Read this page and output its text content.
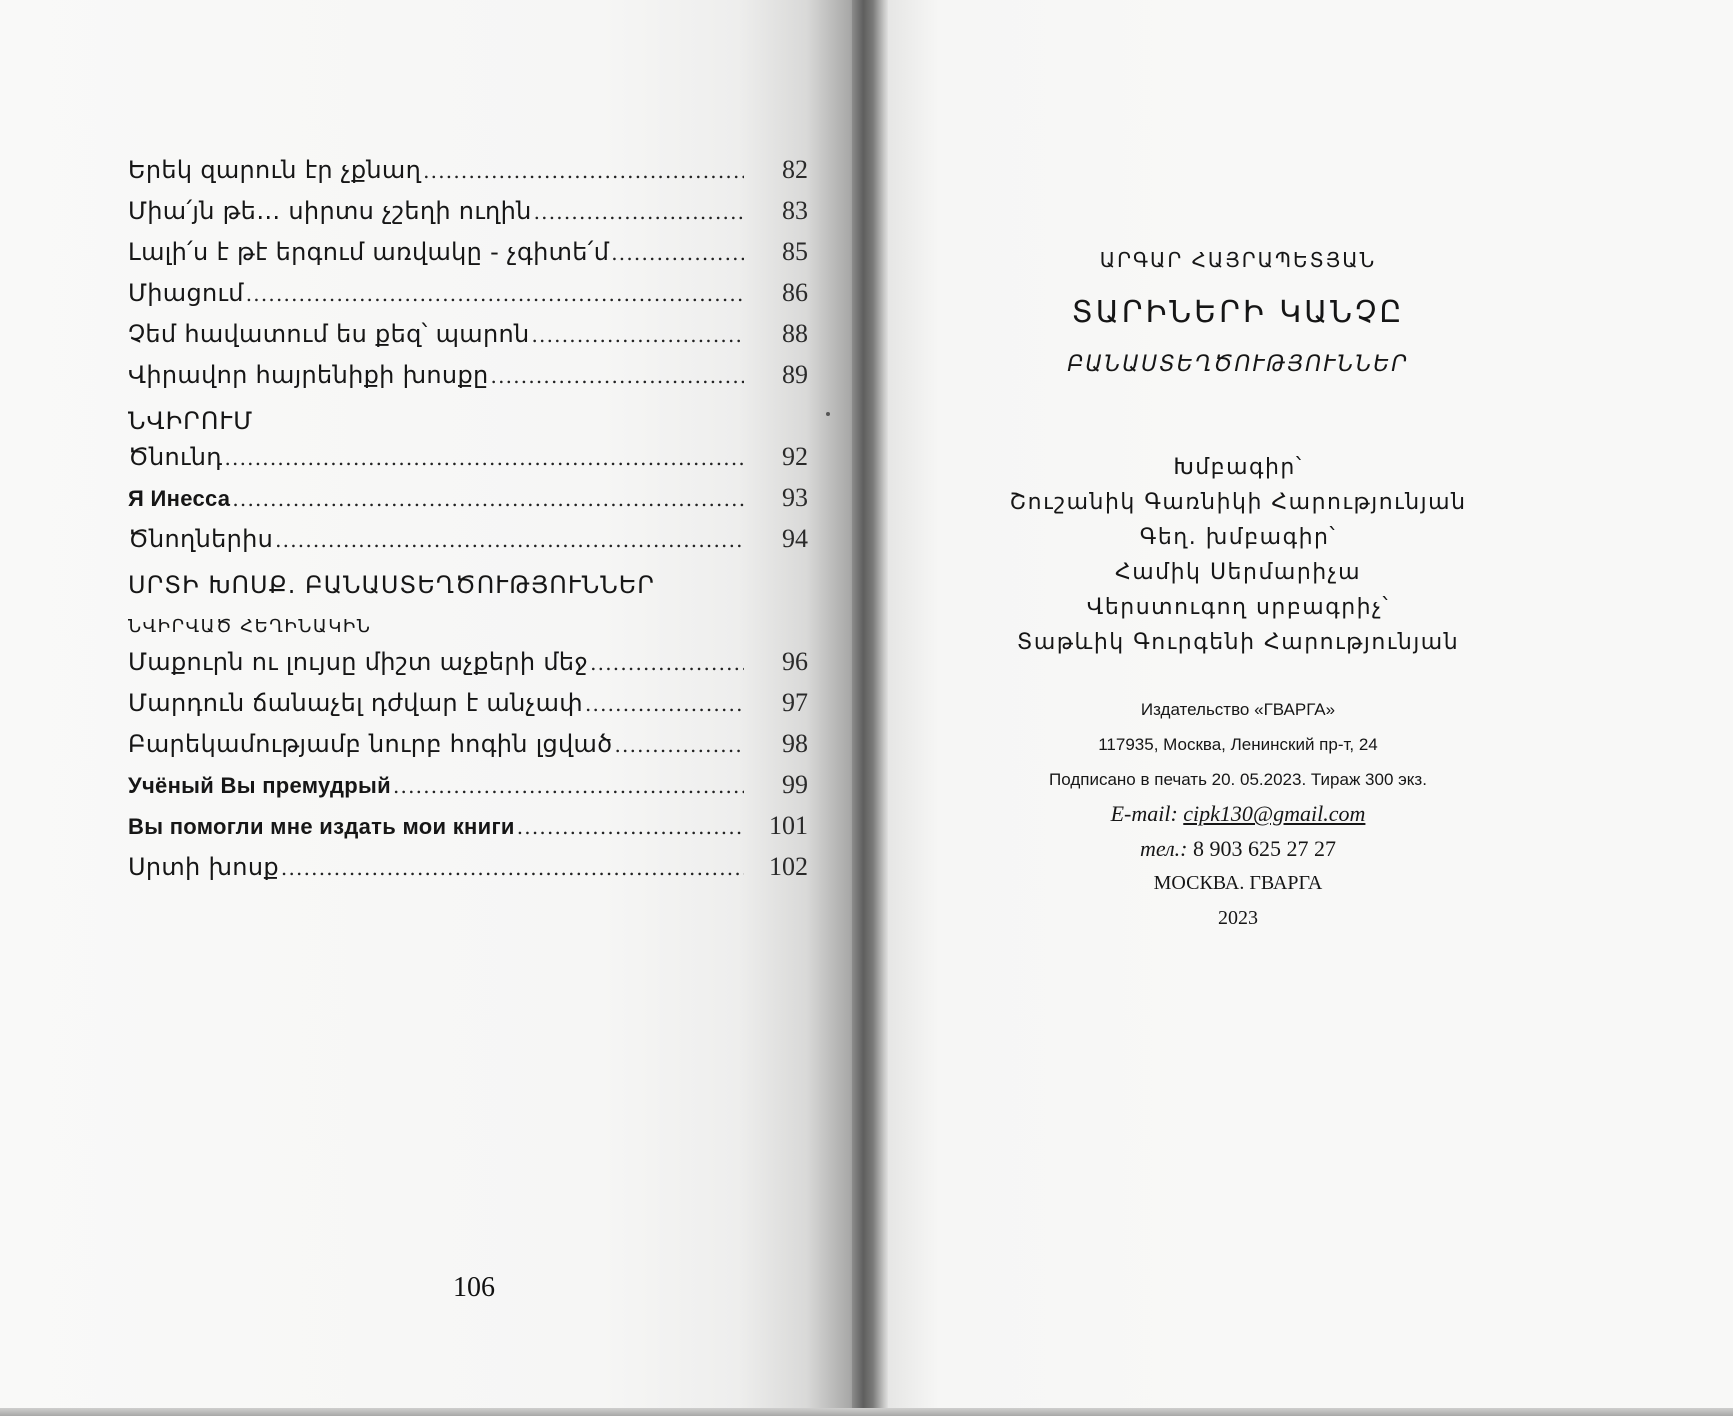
Երեկ զարուն էր չքնաղ .....	82
Միա՛յն թե… սիրտս չշեղի ուղին .....	83
Լալի՛ս է թէ երգում առվակը - չգիտե՛մ .....	85
Միացում .....	86
Չեմ հավատում ես քեզ՝ պարոն .....	88
Վիրավոր հայրենիքի խոսքը .....	89
ՆՎԻՐՈՒՄ
Ծնունդ .....	92
Я Инесса .....	93
Ծնողներիս .....	94
ՍՐՏԻ ԽՈՍՔ. ԲԱՆԱՍՏԵՂԾՈՒԹՅՈՒՆՆԵՐ
ՆՎԻՐՎԱԾ ՀԵՂԻՆԱԿԻՆ
Մաքուրն ու լույսը միշտ աչքերի մեջ .....	96
Մարդուն ճանաչել դժվար է անչափ .....	97
Բարեկամությամբ նուրբ հոգին լցված .....	98
Учёный Вы премудрый .....	99
Вы помогли мне издать мои книги .....	101
Սրտի խոսք .....	102
106
ԱՐԳԱՐ ՀԱՅՐԱՊԵՏՅԱՆ
ՏԱՐԻՆԵՐԻ ԿԱՆՉԸ
ԲԱՆԱՍՏԵՂԾՈՒԹՅՈՒՆՆԵՐ
Խմբագիր՝
Շուշանիկ Գառնիկի Հարությունյան
Գեղ. խմբագիր՝
Համիկ Սերմարիչա
Վերստուգող սրբագրիչ՝
Տաթևիկ Գուրգենի Հարությունյան
Издательство «ГВАРГА»
117935, Москва, Ленинский пр-т, 24
Подписано в печать 20. 05.2023. Тираж 300 экз.
E-mail: cipk130@gmail.com
тел.: 8 903 625 27 27
МОСКВА. ГВАРГА
2023
